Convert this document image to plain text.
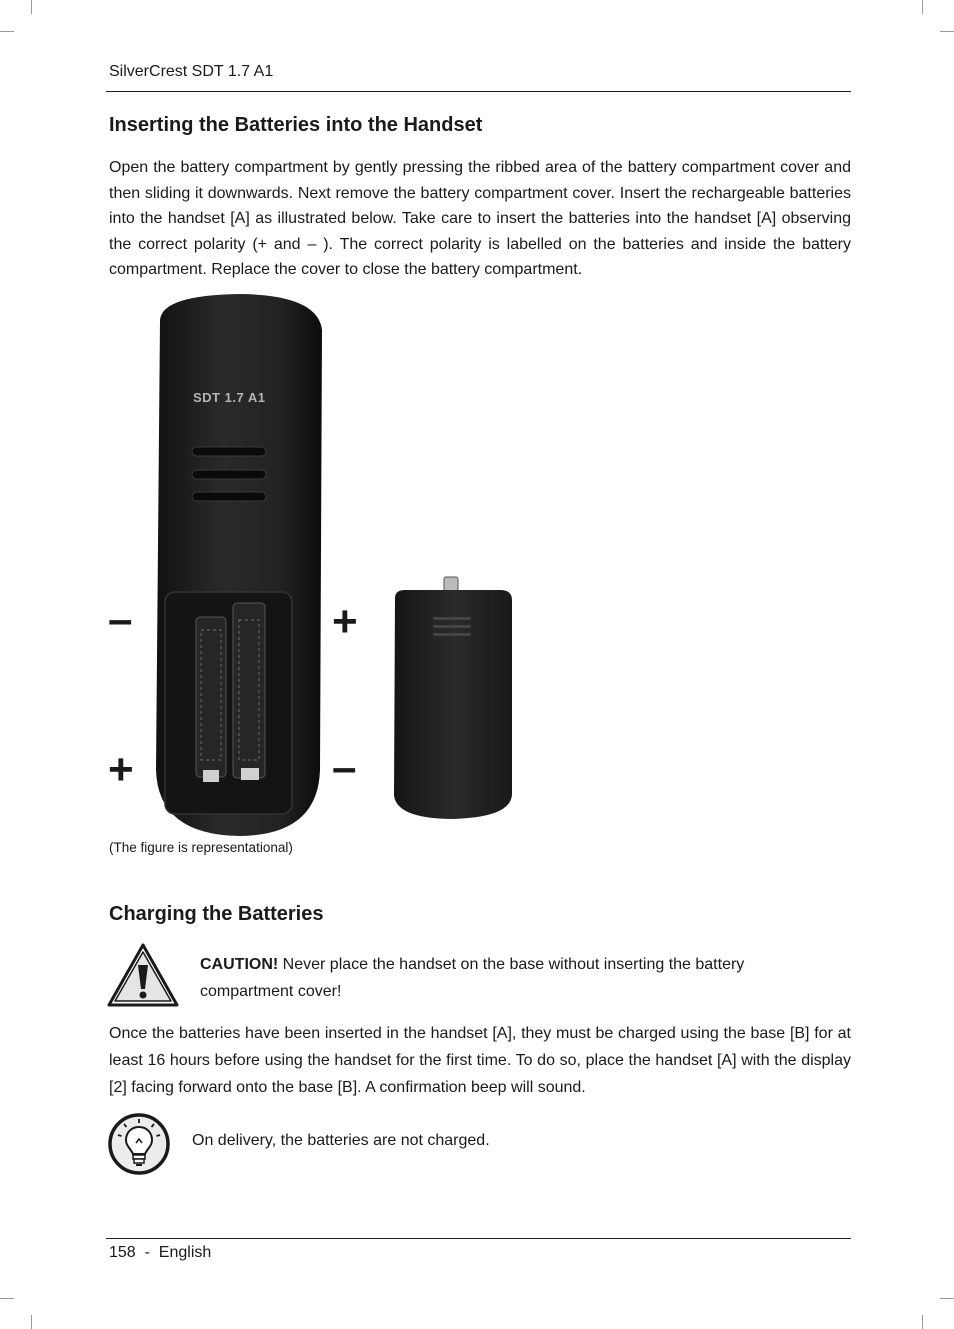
SilverCrest SDT 1.7 A1
Inserting the Batteries into the Handset

Open the battery compartment by gently pressing the ribbed area of the battery compartment cover and then sliding it downwards. Next remove the battery compartment cover. Insert the rechargeable batteries into the handset [A] as illustrated below. Take care to insert the batteries into the handset [A] observing the correct polarity (+ and – ). The correct polarity is labelled on the batteries and inside the battery compartment. Replace the cover to close the battery compartment.

SDT 1.7 A1
–
+
+
–
(The figure is representational)
Charging the Batteries
CAUTION! Never place the handset on the base without inserting the battery compartment cover!

Once the batteries have been inserted in the handset [A], they must be charged using the base [B] for at least 16 hours before using the handset for the first time. To do so, place the handset [A] with the display [2] facing forward onto the base [B]. A confirmation beep will sound.

On delivery, the batteries are not charged.
158  -  English
